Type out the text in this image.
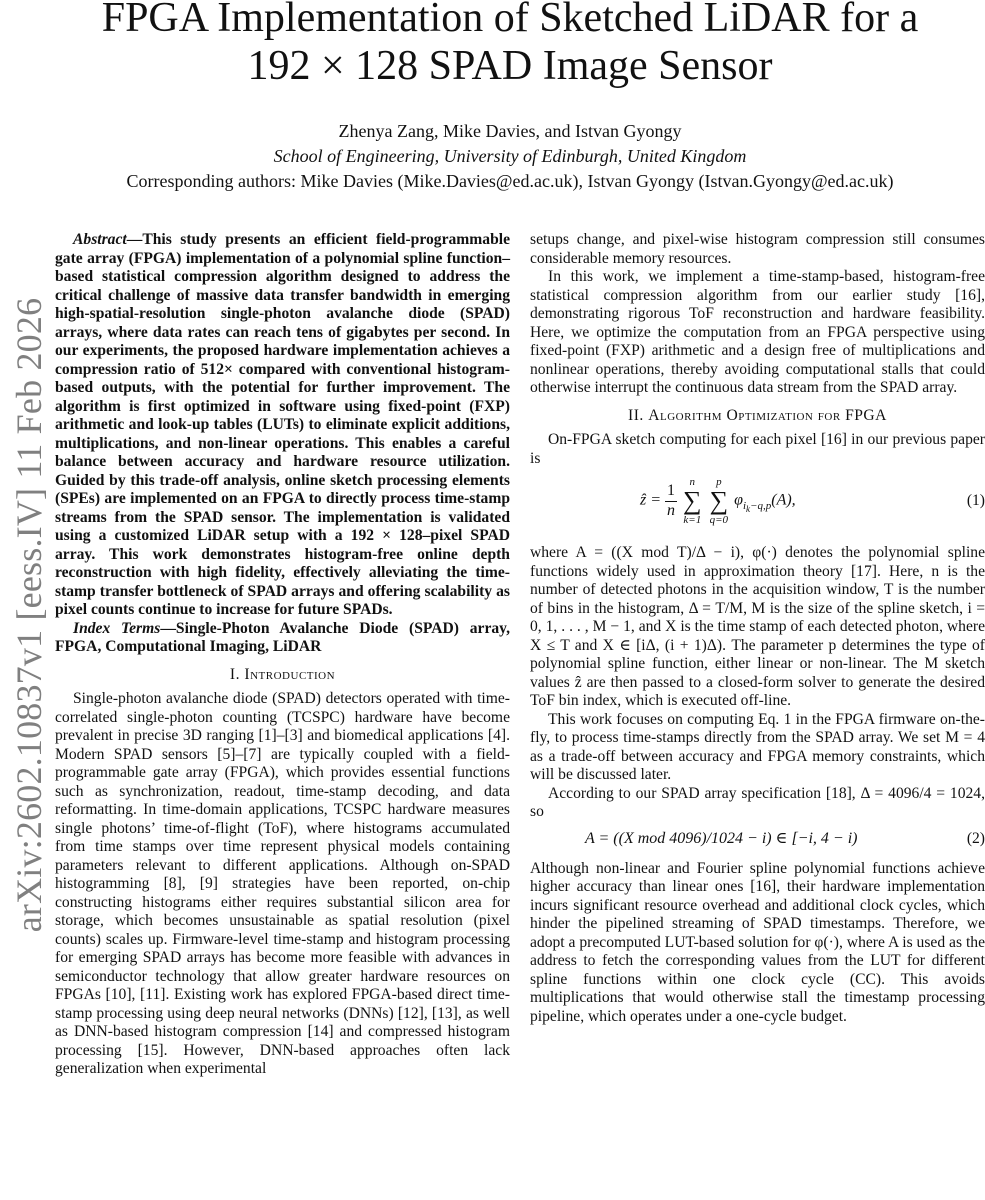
arXiv:2602.10837v1 [eess.IV] 11 Feb 2026
FPGA Implementation of Sketched LiDAR for a
192 × 128 SPAD Image Sensor
Zhenya Zang, Mike Davies, and Istvan Gyongy
School of Engineering, University of Edinburgh, United Kingdom
Corresponding authors: Mike Davies (Mike.Davies@ed.ac.uk), Istvan Gyongy (Istvan.Gyongy@ed.ac.uk)

Abstract—This study presents an efficient field-programmable gate array (FPGA) implementation of a polynomial spline function–based statistical compression algorithm designed to address the critical challenge of massive data transfer bandwidth in emerging high-spatial-resolution single-photon avalanche diode (SPAD) arrays, where data rates can reach tens of gigabytes per second. In our experiments, the proposed hardware implementation achieves a compression ratio of 512× compared with conventional histogram-based outputs, with the potential for further improvement. The algorithm is first optimized in software using fixed-point (FXP) arithmetic and look-up tables (LUTs) to eliminate explicit additions, multiplications, and non-linear operations. This enables a careful balance between accuracy and hardware resource utilization. Guided by this trade-off analysis, online sketch processing elements (SPEs) are implemented on an FPGA to directly process time-stamp streams from the SPAD sensor. The implementation is validated using a customized LiDAR setup with a 192 × 128–pixel SPAD array. This work demonstrates histogram-free online depth reconstruction with high fidelity, effectively alleviating the time-stamp transfer bottleneck of SPAD arrays and offering scalability as pixel counts continue to increase for future SPADs.

Index Terms—Single-Photon Avalanche Diode (SPAD) array, FPGA, Computational Imaging, LiDAR

I. Introduction

Single-photon avalanche diode (SPAD) detectors operated with time-correlated single-photon counting (TCSPC) hardware have become prevalent in precise 3D ranging [1]–[3] and biomedical applications [4]. Modern SPAD sensors [5]–[7] are typically coupled with a field-programmable gate array (FPGA), which provides essential functions such as synchronization, readout, time-stamp decoding, and data reformatting. In time-domain applications, TCSPC hardware measures single photons’ time-of-flight (ToF), where histograms accumulated from time stamps over time represent physical models containing parameters relevant to different applications. Although on-SPAD histogramming [8], [9] strategies have been reported, on-chip constructing histograms either requires substantial silicon area for storage, which becomes unsustainable as spatial resolution (pixel counts) scales up. Firmware-level time-stamp and histogram processing for emerging SPAD arrays has become more feasible with advances in semiconductor technology that allow greater hardware resources on FPGAs [10], [11]. Existing work has explored FPGA-based direct time-stamp processing using deep neural networks (DNNs) [12], [13], as well as DNN-based histogram compression [14] and compressed histogram processing [15]. However, DNN-based approaches often lack generalization when experimental

setups change, and pixel-wise histogram compression still consumes considerable memory resources.

In this work, we implement a time-stamp-based, histogram-free statistical compression algorithm from our earlier study [16], demonstrating rigorous ToF reconstruction and hardware feasibility. Here, we optimize the computation from an FPGA perspective using fixed-point (FXP) arithmetic and a design free of multiplications and nonlinear operations, thereby avoiding computational stalls that could otherwise interrupt the continuous data stream from the SPAD array.

II. Algorithm Optimization for FPGA

On-FPGA sketch computing for each pixel [16] in our previous paper is

ẑ = $\frac{1}{n}$
	n
∑
k=1

p
∑
q=0
$\varphi_{i_k-q,p}(A)$,	(1)

where A = ((X mod T)/Δ − i), φ(·) denotes the polynomial spline functions widely used in approximation theory [17]. Here, n is the number of detected photons in the acquisition window, T is the number of bins in the histogram, Δ = T/M, M is the size of the spline sketch, i = 0, 1, . . . , M − 1, and X is the time stamp of each detected photon, where X ≤ T and X ∈ [iΔ, (i + 1)Δ). The parameter p determines the type of polynomial spline function, either linear or non-linear. The M sketch values ẑ are then passed to a closed-form solver to generate the desired ToF bin index, which is executed off-line.

This work focuses on computing Eq. 1 in the FPGA firmware on-the-fly, to process time-stamps directly from the SPAD array. We set M = 4 as a trade-off between accuracy and FPGA memory constraints, which will be discussed later.

According to our SPAD array specification [18], Δ = 4096/4 = 1024, so

A = ((X mod 4096)/1024 − i) ∈ [−i, 4 − i)	(2)

Although non-linear and Fourier spline polynomial functions achieve higher accuracy than linear ones [16], their hardware implementation incurs significant resource overhead and additional clock cycles, which hinder the pipelined streaming of SPAD timestamps. Therefore, we adopt a precomputed LUT-based solution for φ(·), where A is used as the address to fetch the corresponding values from the LUT for different spline functions within one clock cycle (CC). This avoids multiplications that would otherwise stall the timestamp processing pipeline, which operates under a one-cycle budget.
